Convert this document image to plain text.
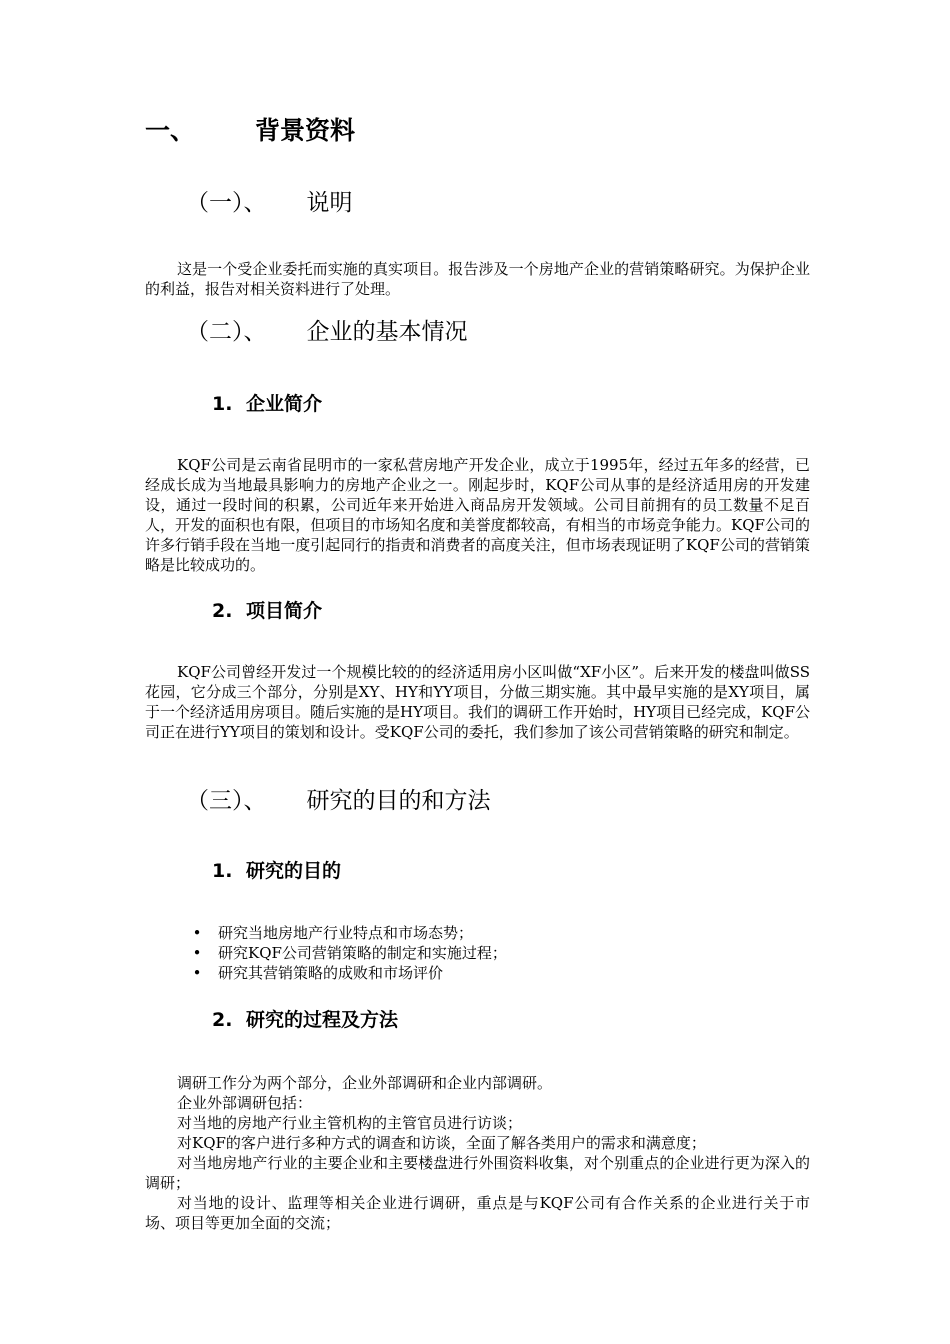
一、 背景资料
（一）、 说明

这是一个受企业委托而实施的真实项目。报告涉及一个房地产企业的营销策略研究。为保护企业的利益，报告对相关资料进行了处理。

（二）、 企业的基本情况
1. 企业简介

KQF公司是云南省昆明市的一家私营房地产开发企业，成立于1995年，经过五年多的经营，已经成长成为当地最具影响力的房地产企业之一。刚起步时，KQF公司从事的是经济适用房的开发建设，通过一段时间的积累，公司近年来开始进入商品房开发领域。公司目前拥有的员工数量不足百人，开发的面积也有限，但项目的市场知名度和美誉度都较高，有相当的市场竞争能力。KQF公司的许多行销手段在当地一度引起同行的指责和消费者的高度关注，但市场表现证明了KQF公司的营销策略是比较成功的。

2. 项目简介

KQF公司曾经开发过一个规模比较的的经济适用房小区叫做“XF小区”。后来开发的楼盘叫做SS花园，它分成三个部分，分别是XY、HY和YY项目，分做三期实施。其中最早实施的是XY项目，属于一个经济适用房项目。随后实施的是HY项目。我们的调研工作开始时，HY项目已经完成，KQF公司正在进行YY项目的策划和设计。受KQF公司的委托，我们参加了该公司营销策略的研究和制定。

（三）、 研究的目的和方法
1. 研究的目的
• 研究当地房地产行业特点和市场态势；
• 研究KQF公司营销策略的制定和实施过程；
• 研究其营销策略的成败和市场评价
2. 研究的过程及方法

调研工作分为两个部分，企业外部调研和企业内部调研。

企业外部调研包括：

对当地的房地产行业主管机构的主管官员进行访谈；

对KQF的客户进行多种方式的调查和访谈，全面了解各类用户的需求和满意度；

对当地房地产行业的主要企业和主要楼盘进行外围资料收集，对个别重点的企业进行更为深入的调研；

对当地的设计、监理等相关企业进行调研，重点是与KQF公司有合作关系的企业进行关于市场、项目等更加全面的交流；
